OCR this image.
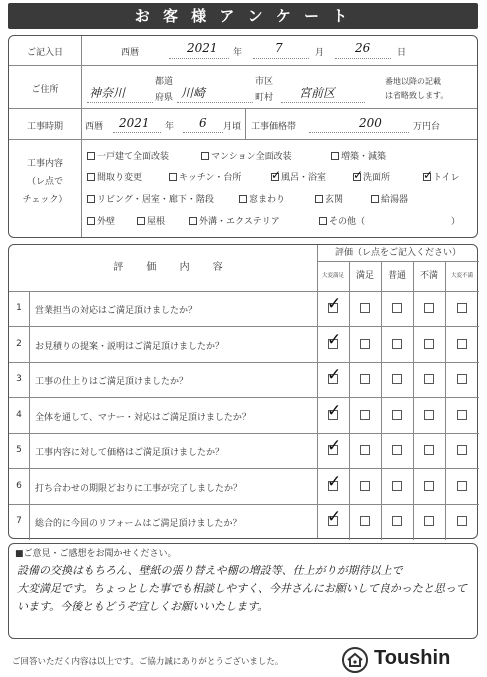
お 客 様 ア ン ケ ー ト
ご記入日	西暦	2021 年	7	月	26	日
ご住所	神奈川
都道
府県 川崎
市区
町村 宮前区
番地以降の記載
は省略致します。
工事時期	西暦 2021 年 6 月頃 工事価格帯	200	万円台
工事内容
（レ点で
チェック）
一戸建て全面改装	マンション全面改装	増築・減築
間取り変更	キッチン・台所 ✓ 風呂・浴室 ✓ 洗面所	✓ トイレ
リビング・居室・廊下・階段	窓まわり	玄関	給湯器
外壁	屋根	外溝・エクステリア	その他（	）
評 価 内 容
評価（レ点をご記入ください）
大変満足	満足	普通	不満	大変不満
1	営業担当の対応はご満足頂けましたか？	✓
2	お見積りの提案・説明はご満足頂けましたか？	✓
3	工事の仕上りはご満足頂けましたか？	✓
4	全体を通して、マナー・対応はご満足頂けましたか？	✓
5	工事内容に対して価格はご満足頂けましたか？	✓
6	打ち合わせの期限どおりに工事が完了しましたか？	✓
7	総合的に今回のリフォームはご満足頂けましたか？	✓
■ご意見・ご感想をお聞かせください。
設備の交換はもちろん、壁紙の張り替えや棚の増設等、仕上がりが期待以上で
大変満足です。ちょっとした事でも相談しやすく、今井さんにお願いして良かったと思って
います。今後ともどうぞ宜しくお願いいたします。
ご回答いただく内容は以上です。ご協力誠にありがとうございました。	Toushin
